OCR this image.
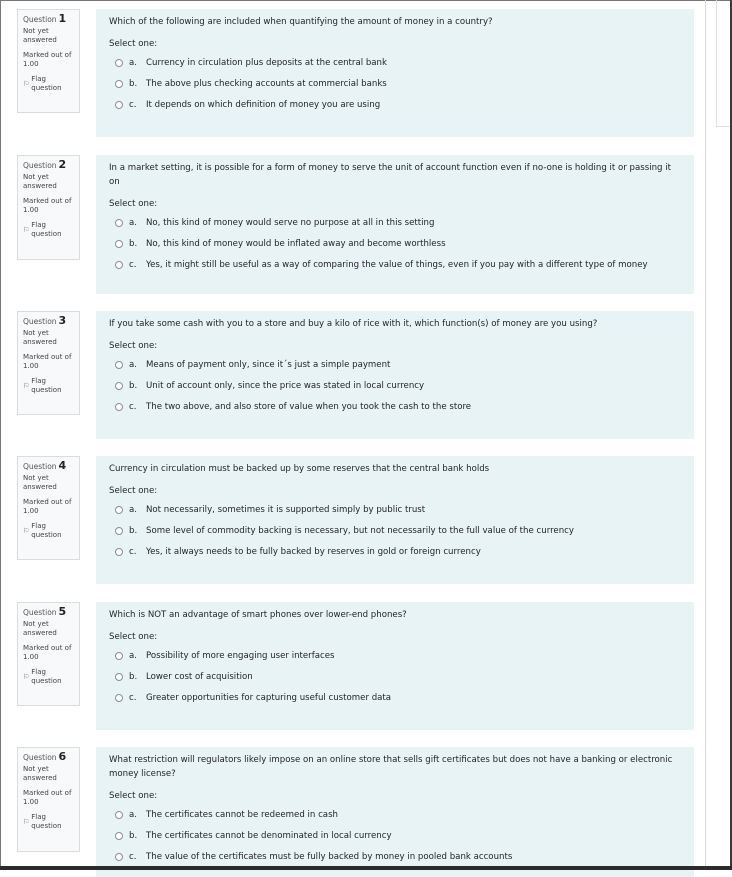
Question 1
Not yet answered
Marked out of 1.00
⚐
Flag question
Which of the following are included when quantifying the amount of money in a country?
Select one:
a.	Currency in circulation plus deposits at the central bank
b.	The above plus checking accounts at commercial banks
c.	It depends on which definition of money you are using
Question 2
Not yet answered
Marked out of 1.00
⚐
Flag question
In a market setting, it is possible for a form of money to serve the unit of account function even if no-one is holding it or passing it on
Select one:
a.	No, this kind of money would serve no purpose at all in this setting
b.	No, this kind of money would be inflated away and become worthless
c.	Yes, it might still be useful as a way of comparing the value of things, even if you pay with a different type of money
Question 3
Not yet answered
Marked out of 1.00
⚐
Flag question
If you take some cash with you to a store and buy a kilo of rice with it, which function(s) of money are you using?
Select one:
a.	Means of payment only, since it´s just a simple payment
b.	Unit of account only, since the price was stated in local currency
c.	The two above, and also store of value when you took the cash to the store
Question 4
Not yet answered
Marked out of 1.00
⚐
Flag question
Currency in circulation must be backed up by some reserves that the central bank holds
Select one:
a.	Not necessarily, sometimes it is supported simply by public trust
b.	Some level of commodity backing is necessary, but not necessarily to the full value of the currency
c.	Yes, it always needs to be fully backed by reserves in gold or foreign currency
Question 5
Not yet answered
Marked out of 1.00
⚐
Flag question
Which is NOT an advantage of smart phones over lower-end phones?
Select one:
a.	Possibility of more engaging user interfaces
b.	Lower cost of acquisition
c.	Greater opportunities for capturing useful customer data
Question 6
Not yet answered
Marked out of 1.00
⚐
Flag question
What restriction will regulators likely impose on an online store that sells gift certificates but does not have a banking or electronic money license?
Select one:
a.	The certificates cannot be redeemed in cash
b.	The certificates cannot be denominated in local currency
c.	The value of the certificates must be fully backed by money in pooled bank accounts
